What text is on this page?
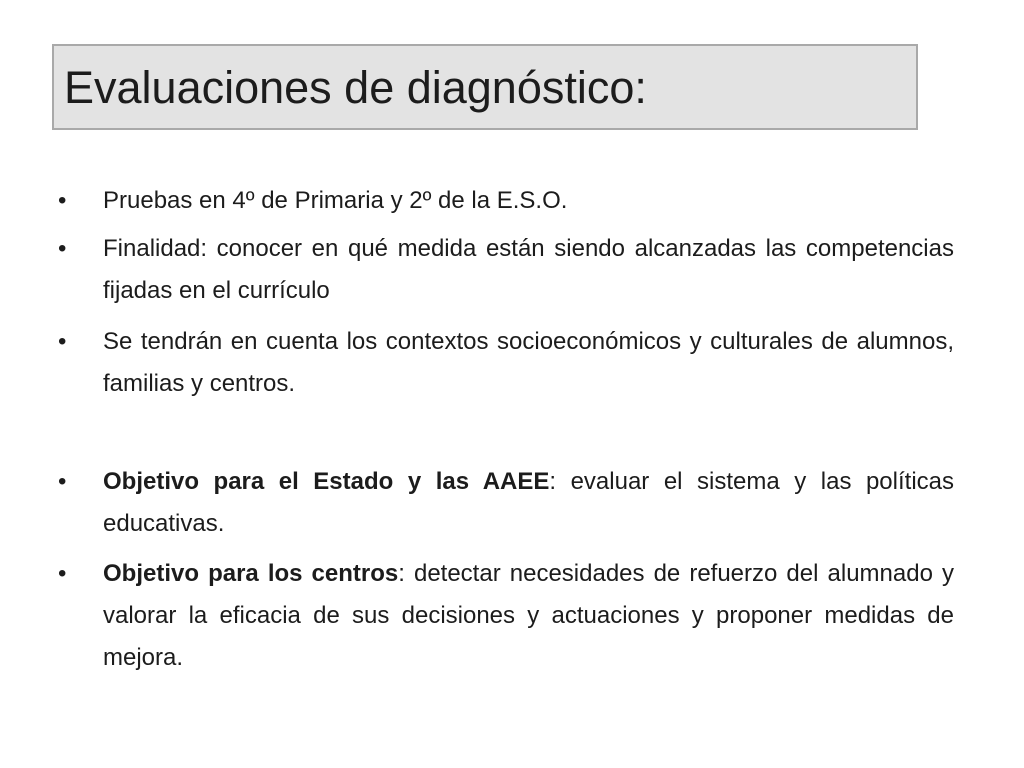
Evaluaciones de diagnóstico:
• Pruebas en 4º de Primaria y 2º de la E.S.O.
• Finalidad: conocer en qué medida están siendo alcanzadas las competencias fijadas en el currículo
• Se tendrán en cuenta los contextos socioeconómicos y culturales de alumnos, familias y centros.
• Objetivo para el Estado y las AAEE: evaluar el sistema y las políticas educativas.
• Objetivo para los centros: detectar necesidades de refuerzo del alumnado y valorar la eficacia de sus decisiones y actuaciones y proponer medidas de mejora.
